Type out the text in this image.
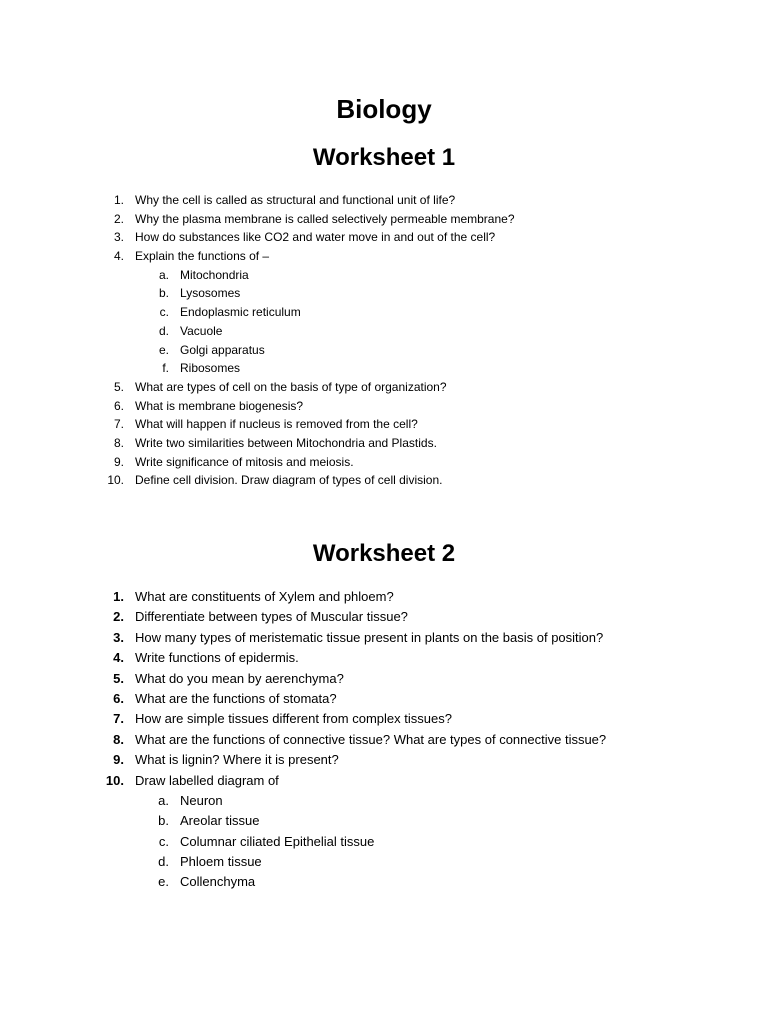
Biology
Worksheet 1
1. Why the cell is called as structural and functional unit of life?
2. Why the plasma membrane is called selectively permeable membrane?
3. How do substances like CO2 and water move in and out of the cell?
4. Explain the functions of –
a. Mitochondria
b. Lysosomes
c. Endoplasmic reticulum
d. Vacuole
e. Golgi apparatus
f. Ribosomes
5. What are types of cell on the basis of type of organization?
6. What is membrane biogenesis?
7. What will happen if nucleus is removed from the cell?
8. Write two similarities between Mitochondria and Plastids.
9. Write significance of mitosis and meiosis.
10. Define cell division. Draw diagram of types of cell division.
Worksheet 2
1. What are constituents of Xylem and phloem?
2. Differentiate between types of Muscular tissue?
3. How many types of meristematic tissue present in plants on the basis of position?
4. Write functions of epidermis.
5. What do you mean by aerenchyma?
6. What are the functions of stomata?
7. How are simple tissues different from complex tissues?
8. What are the functions of connective tissue? What are types of connective tissue?
9. What is lignin? Where it is present?
10. Draw labelled diagram of
a. Neuron
b. Areolar tissue
c. Columnar ciliated Epithelial tissue
d. Phloem tissue
e. Collenchyma
